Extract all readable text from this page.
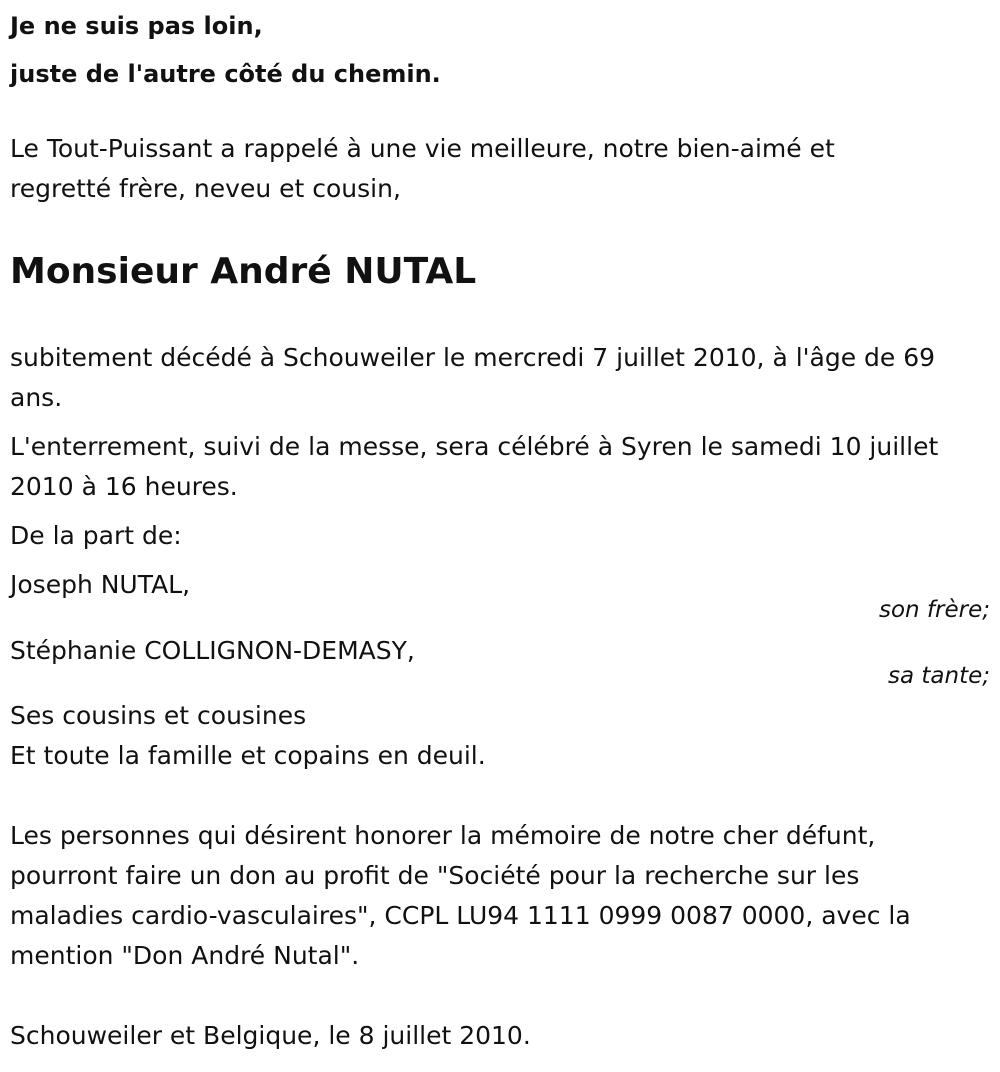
Je ne suis pas loin,
juste de l'autre côté du chemin.
Le Tout-Puissant a rappelé à une vie meilleure, notre bien-aimé et
regretté frère, neveu et cousin,
Monsieur André NUTAL
subitement décédé à Schouweiler le mercredi 7 juillet 2010, à l'âge de 69
ans.
L'enterrement, suivi de la messe, sera célébré à Syren le samedi 10 juillet
2010 à 16 heures.
De la part de:
Joseph NUTAL,
son frère;
Stéphanie COLLIGNON-DEMASY,
sa tante;
Ses cousins et cousines
Et toute la famille et copains en deuil.
Les personnes qui désirent honorer la mémoire de notre cher défunt,
pourront faire un don au profit de "Société pour la recherche sur les
maladies cardio-vasculaires", CCPL LU94 1111 0999 0087 0000, avec la
mention "Don André Nutal".
Schouweiler et Belgique, le 8 juillet 2010.
